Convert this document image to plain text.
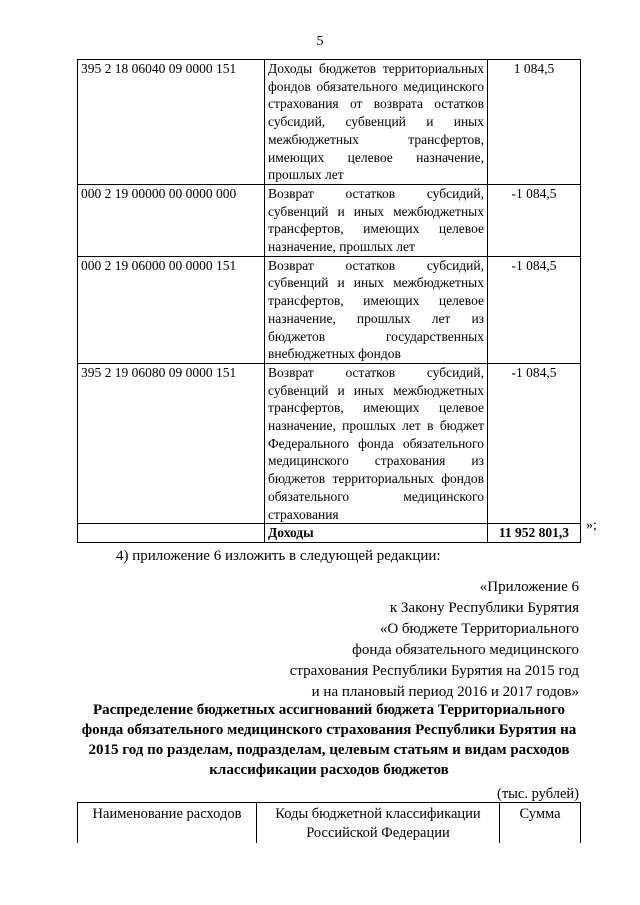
5
395 2 18 06040 09 0000 151	Доходы бюджетов территориальных фондов обязательного медицинского страхования от возврата остатков субсидий, субвенций и иных межбюджетных трансфертов, имеющих целевое назначение, прошлых лет	1 084,5
000 2 19 00000 00 0000 000	Возврат остатков субсидий, субвенций и иных межбюджетных трансфертов, имеющих целевое назначение, прошлых лет	-1 084,5
000 2 19 06000 00 0000 151	Возврат остатков субсидий, субвенций и иных межбюджетных трансфертов, имеющих целевое назначение, прошлых лет из бюджетов государственных внебюджетных фондов	-1 084,5
395 2 19 06080 09 0000 151	Возврат остатков субсидий, субвенций и иных межбюджетных трансфертов, имеющих целевое назначение, прошлых лет в бюджет Федерального фонда обязательного медицинского страхования из бюджетов территориальных фондов обязательного медицинского страхования	-1 084,5
	Доходы	11 952 801,3 »;
4) приложение 6 изложить в следующей редакции:
«Приложение 6
к Закону Республики Бурятия
«О бюджете Территориального
фонда обязательного медицинского
страхования Республики Бурятия на 2015 год
и на плановый период 2016 и 2017 годов»
Распределение бюджетных ассигнований бюджета Территориального фонда обязательного медицинского страхования Республики Бурятия на 2015 год по разделам, подразделам, целевым статьям и видам расходов классификации расходов бюджетов
(тыс. рублей)
Наименование расходов	Коды бюджетной классификации Российской Федерации	Сумма
